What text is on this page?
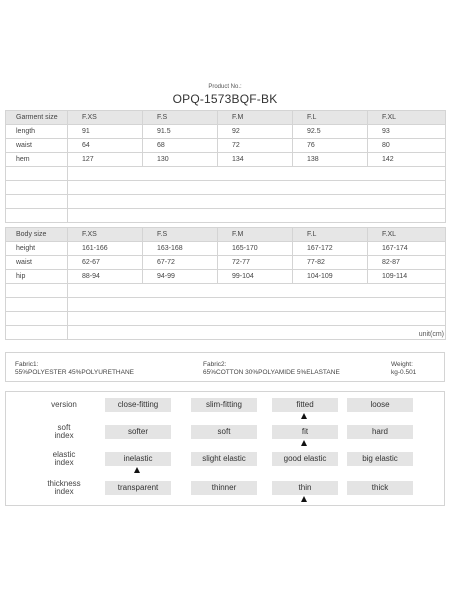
Product No.:
OPQ-1573BQF-BK
Garment size	F.XS	F.S	F.M	F.L	F.XL
length	91	91.5	92	92.5	93
waist	64	68	72	76	80
hem	127	130	134	138	142

Body size	F.XS	F.S	F.M	F.L	F.XL
height	161-166	163-168	165-170	167-172	167-174
waist	62-67	67-72	72-77	77-82	82-87
hip	88-94	94-99	99-104	104-109	109-114

unit(cm)
Fabric1:
55%POLYESTER 45%POLYURETHANE
Fabric2:
65%COTTON 30%POLYAMIDE 5%ELASTANE
Weight:
kg-0.501
version	close-fitting	slim-fitting	fitted	loose
soft
index	softer	soft	fit	hard
elastic
index	inelastic	slight elastic	good elastic	big elastic
thickness
index	transparent	thinner	thin	thick
